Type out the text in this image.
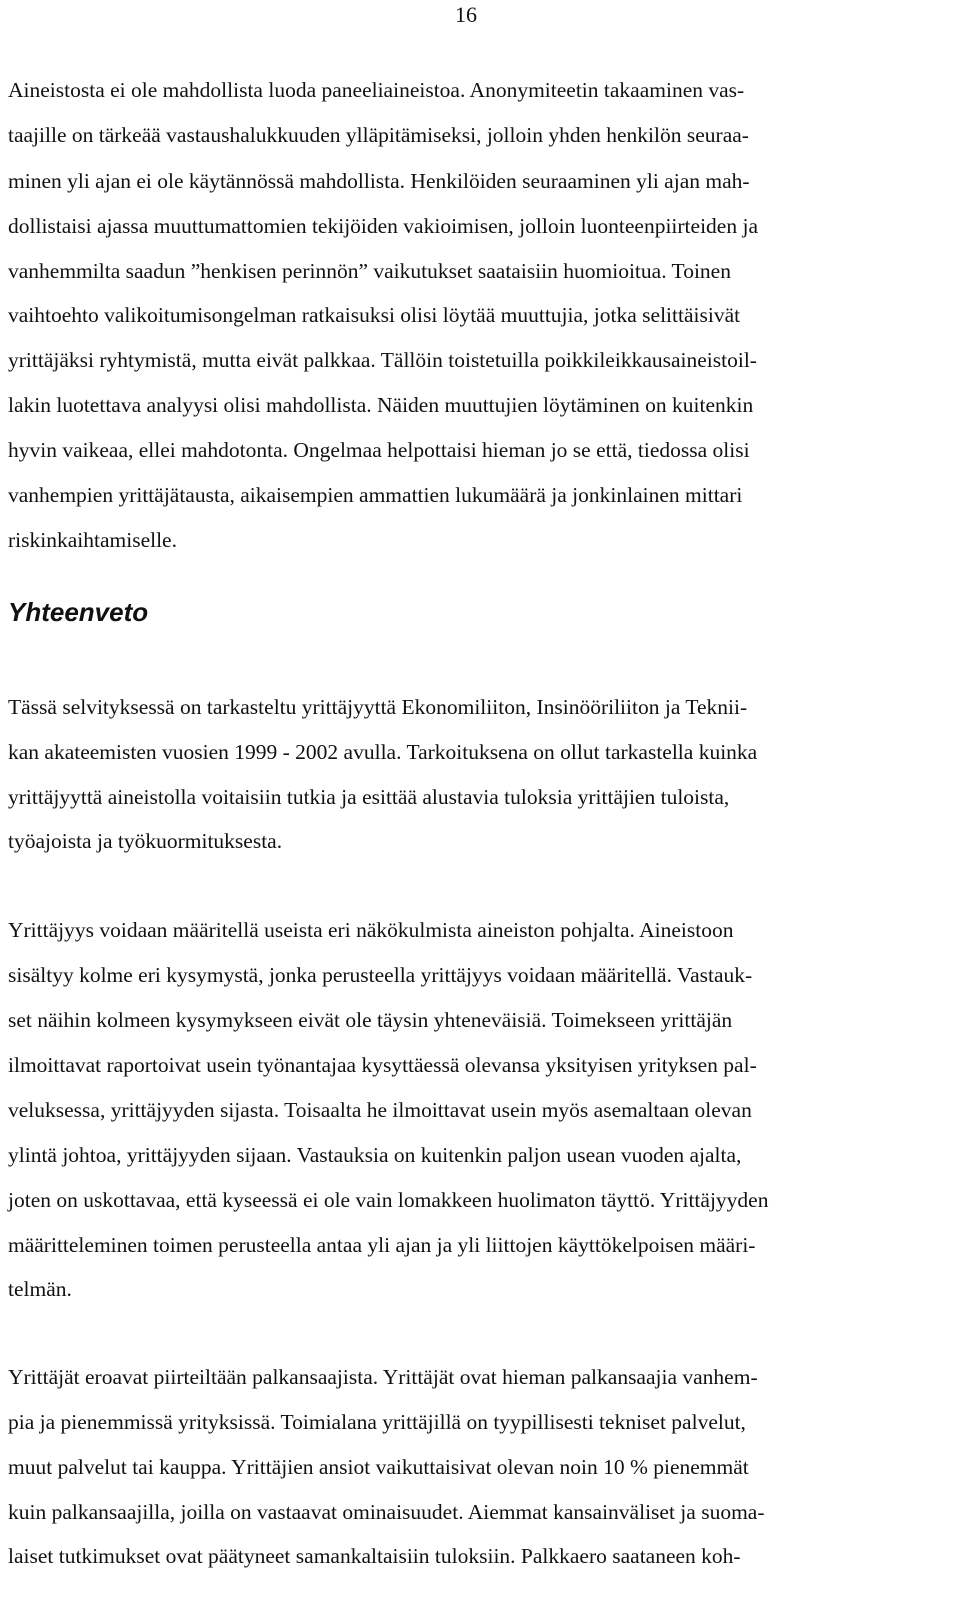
16
Aineistosta ei ole mahdollista luoda paneeliaineistoa. Anonymiteetin takaaminen vas-
taajille on tärkeää vastaushalukkuuden ylläpitämiseksi, jolloin yhden henkilön seuraa-
minen yli ajan ei ole käytännössä mahdollista. Henkilöiden seuraaminen yli ajan mah-
dollistaisi ajassa muuttumattomien tekijöiden vakioimisen, jolloin luonteenpiirteiden ja
vanhemmilta saadun ”henkisen perinnön” vaikutukset saataisiin huomioitua. Toinen
vaihtoehto valikoitumisongelman ratkaisuksi olisi löytää muuttujia, jotka selittäisivät
yrittäjäksi ryhtymistä, mutta eivät palkkaa. Tällöin toistetuilla poikkileikkausaineistoil-
lakin luotettava analyysi olisi mahdollista. Näiden muuttujien löytäminen on kuitenkin
hyvin vaikeaa, ellei mahdotonta. Ongelmaa helpottaisi hieman jo se että, tiedossa olisi
vanhempien yrittäjätausta, aikaisempien ammattien lukumäärä ja jonkinlainen mittari
riskinkaihtamiselle.
Yhteenveto
Tässä selvityksessä on tarkasteltu yrittäjyyttä Ekonomiliiton, Insinööriliiton ja Teknii-
kan akateemisten vuosien 1999 - 2002 avulla. Tarkoituksena on ollut tarkastella kuinka
yrittäjyyttä aineistolla voitaisiin tutkia ja esittää alustavia tuloksia yrittäjien tuloista,
työajoista ja työkuormituksesta.
Yrittäjyys voidaan määritellä useista eri näkökulmista aineiston pohjalta. Aineistoon
sisältyy kolme eri kysymystä, jonka perusteella yrittäjyys voidaan määritellä. Vastauk-
set näihin kolmeen kysymykseen eivät ole täysin yhteneväisiä. Toimekseen yrittäjän
ilmoittavat raportoivat usein työnantajaa kysyttäessä olevansa yksityisen yrityksen pal-
veluksessa, yrittäjyyden sijasta. Toisaalta he ilmoittavat usein myös asemaltaan olevan
ylintä johtoa, yrittäjyyden sijaan. Vastauksia on kuitenkin paljon usean vuoden ajalta,
joten on uskottavaa, että kyseessä ei ole vain lomakkeen huolimaton täyttö. Yrittäjyyden
määritteleminen toimen perusteella antaa yli ajan ja yli liittojen käyttökelpoisen määri-
telmän.
Yrittäjät eroavat piirteiltään palkansaajista. Yrittäjät ovat hieman palkansaajia vanhem-
pia ja pienemmissä yrityksissä. Toimialana yrittäjillä on tyypillisesti tekniset palvelut,
muut palvelut tai kauppa. Yrittäjien ansiot vaikuttaisivat olevan noin 10 % pienemmät
kuin palkansaajilla, joilla on vastaavat ominaisuudet. Aiemmat kansainväliset ja suoma-
laiset tutkimukset ovat päätyneet samankaltaisiin tuloksiin. Palkkaero saataneen koh-
